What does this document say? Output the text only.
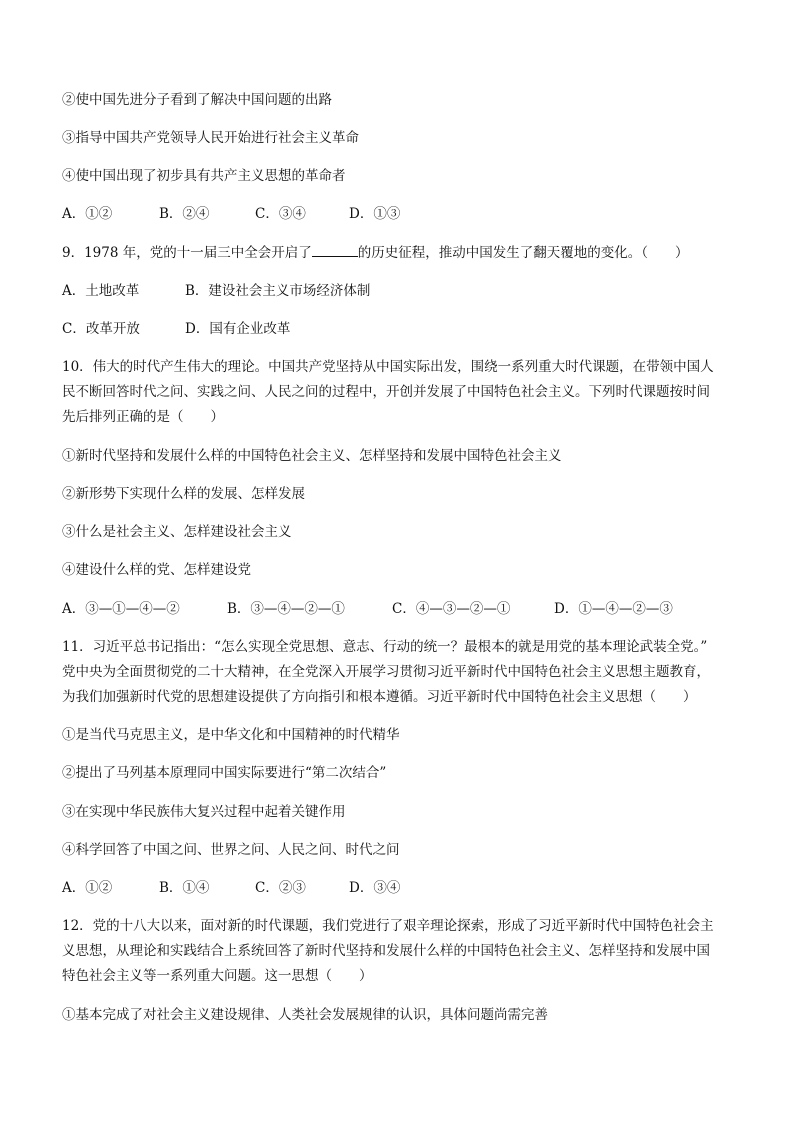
②使中国先进分子看到了解决中国问题的出路
③指导中国共产党领导人民开始进行社会主义革命
④使中国出现了初步具有共产主义思想的革命者
A．①②	B．②④	C．③④	D．①③
9．1978 年，党的十一届三中全会开启了	的历史征程，推动中国发生了翻天覆地的变化。（　　）
A．土地改革	B．建设社会主义市场经济体制
C．改革开放	D．国有企业改革
10．伟大的时代产生伟大的理论。中国共产党坚持从中国实际出发，围绕一系列重大时代课题，在带领中国人
民不断回答时代之问、实践之问、人民之问的过程中，开创并发展了中国特色社会主义。下列时代课题按时间
先后排列正确的是（　　）
①新时代坚持和发展什么样的中国特色社会主义、怎样坚持和发展中国特色社会主义
②新形势下实现什么样的发展、怎样发展
③什么是社会主义、怎样建设社会主义
④建设什么样的党、怎样建设党
A．③—①—④—②	B．③—④—②—①	C．④—③—②—①	D．①—④—②—③
11．习近平总书记指出：“怎么实现全党思想、意志、行动的统一？最根本的就是用党的基本理论武装全党。”
党中央为全面贯彻党的二十大精神，在全党深入开展学习贯彻习近平新时代中国特色社会主义思想主题教育，
为我们加强新时代党的思想建设提供了方向指引和根本遵循。习近平新时代中国特色社会主义思想（　　）
①是当代马克思主义，是中华文化和中国精神的时代精华
②提出了马列基本原理同中国实际要进行“第二次结合”
③在实现中华民族伟大复兴过程中起着关键作用
④科学回答了中国之问、世界之问、人民之问、时代之问
A．①②	B．①④	C．②③	D．③④
12．党的十八大以来，面对新的时代课题，我们党进行了艰辛理论探索，形成了习近平新时代中国特色社会主
义思想，从理论和实践结合上系统回答了新时代坚持和发展什么样的中国特色社会主义、怎样坚持和发展中国
特色社会主义等一系列重大问题。这一思想（　　）
①基本完成了对社会主义建设规律、人类社会发展规律的认识，具体问题尚需完善
